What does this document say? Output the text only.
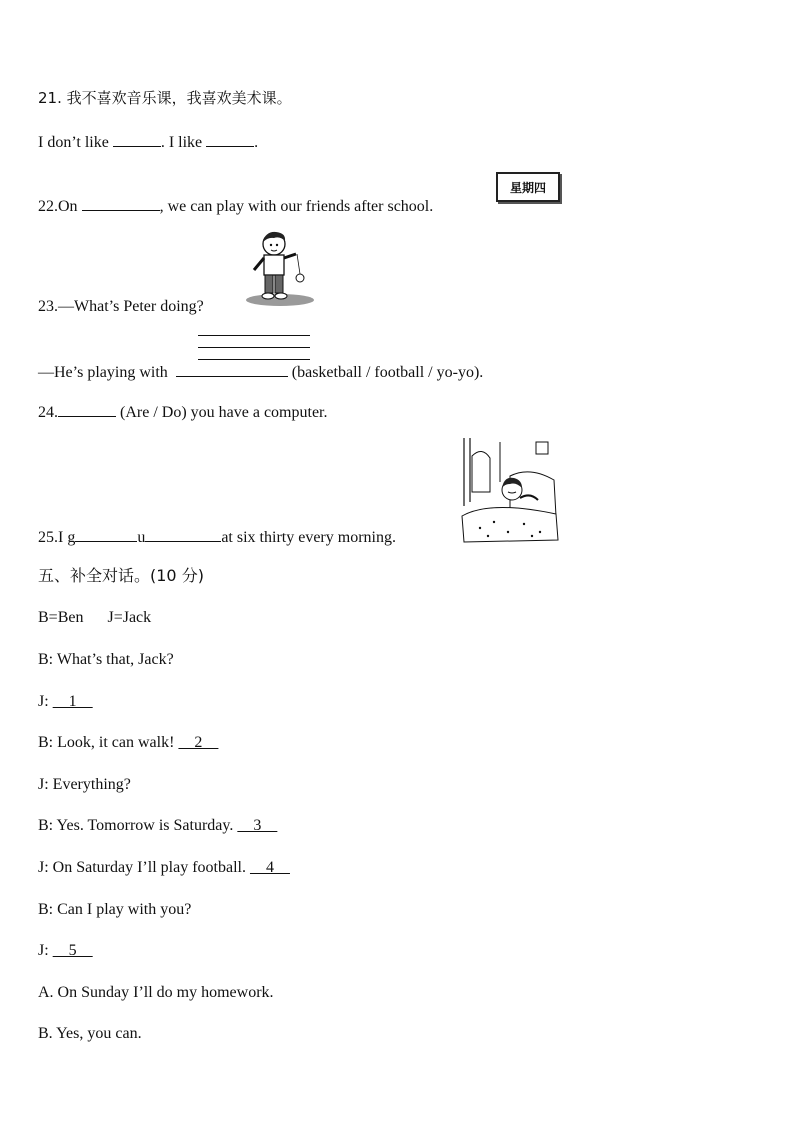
21. 我不喜欢音乐课，我喜欢美术课。
I don’t like	. I like	.
22.On	, we can play with our friends after school.
星期四
23.—What’s Peter doing?
—He’s playing with	(basketball / football / yo-yo).
24.	(Are / Do) you have a computer.
25.I g	u	at six thirty every morning.
五、补全对话。(10 分)
B=Ben      J=Jack
B: What’s that, Jack?
J:     1
B: Look, it can walk!     2
J: Everything?
B: Yes. Tomorrow is Saturday.     3
J: On Saturday I’ll play football.     4
B: Can I play with you?
J:     5
A. On Sunday I’ll do my homework.
B. Yes, you can.
